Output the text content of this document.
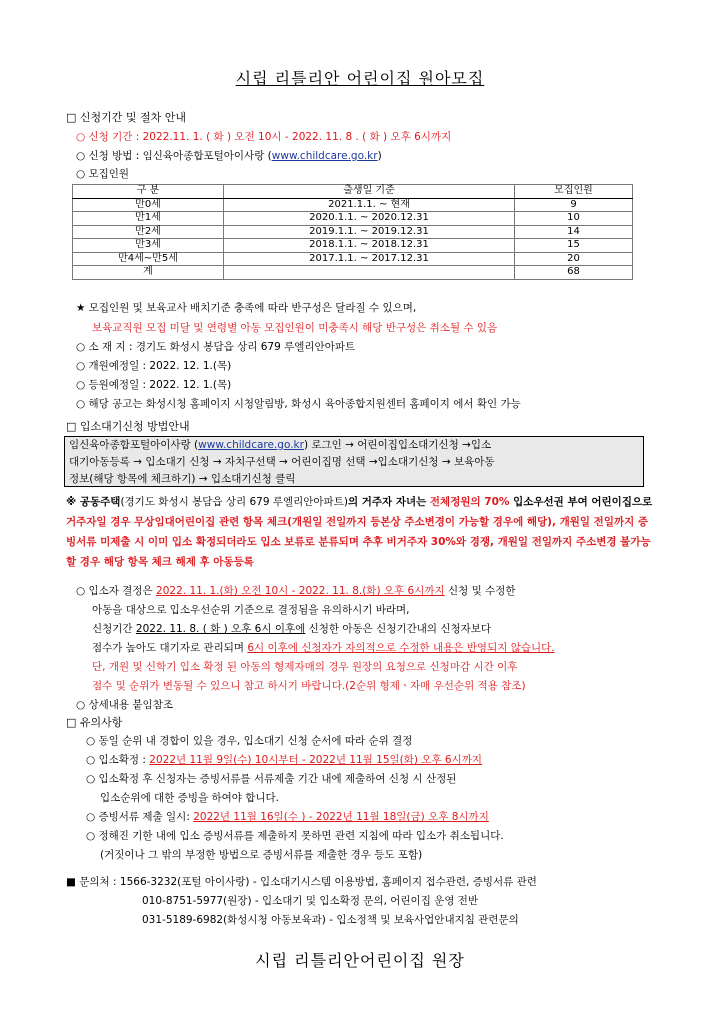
시립 리틀리안 어린이집 원아모집
□ 신청기간 및 절차 안내
○ 신청 기간 : 2022.11. 1. ( 화 ) 오전 10시 - 2022. 11. 8 . ( 화 ) 오후 6시까지
○ 신청 방법 : 임신육아종합포털아이사랑 (www.childcare.go.kr)
○ 모집인원
구 분	출생일 기준	모집인원
만0세	2021.1.1. ~ 현재	9
만1세	2020.1.1. ~ 2020.12.31	10
만2세	2019.1.1. ~ 2019.12.31	14
만3세	2018.1.1. ~ 2018.12.31	15
만4세~만5세	2017.1.1. ~ 2017.12.31	20
계		68
★ 모집인원 및 보육교사 배치기준 충족에 따라 반구성은 달라질 수 있으며,
보육교직원 모집 미달 및 연령별 아동 모집인원이 미충족시 해당 반구성은 취소될 수 있음
○ 소 재 지 : 경기도 화성시 봉담읍 상리 679 루엘리안아파트
○ 개원예정일 : 2022. 12. 1.(목)
○ 등원예정일 : 2022. 12. 1.(목)
○ 해당 공고는 화성시청 홈페이지 시청알림방, 화성시 육아종합지원센터 홈페이지 에서 확인 가능
□ 입소대기신청 방법안내
임신육아종합포털아이사랑 (www.childcare.go.kr) 로그인 → 어린이집입소대기신청 →입소
대기아동등록 → 입소대기 신청 → 자치구선택 → 어린이집명 선택 →입소대기신청 → 보육아동
정보(해당 항목에 체크하기) → 입소대기신청 클릭
※ 공동주택(경기도 화성시 봉담읍 상리 679 루엘리안아파트)의 거주자 자녀는 전체정원의 70% 입소우선권 부여 어린이집으로 거주자일 경우 무상임대어린이집 관련 항목 체크(개원일 전일까지 등본상 주소변경이 가능할 경우에 해당), 개원일 전일까지 증빙서류 미제출 시 이미 입소 확정되더라도 입소 보류로 분류되며 추후 비거주자 30%와 경쟁, 개원일 전일까지 주소변경 불가능할 경우 해당 항목 체크 해제 후 아동등록
○ 입소자 결정은 2022. 11. 1.(화) 오전 10시 - 2022. 11. 8.(화) 오후 6시까지 신청 및 수정한
아동을 대상으로 입소우선순위 기준으로 결정됨을 유의하시기 바라며,
신청기간 2022. 11. 8. ( 화 ) 오후 6시 이후에 신청한 아동은 신청기간내의 신청자보다
점수가 높아도 대기자로 관리되며 6시 이후에 신청자가 자의적으로 수정한 내용은 반영되지 않습니다.
단, 개원 및 신학기 입소 확정 된 아동의 형제자매의 경우 원장의 요청으로 신청마감 시간 이후
점수 및 순위가 변동될 수 있으니 참고 하시기 바랍니다.(2순위 형제ㆍ자매 우선순위 적용 참조)
○ 상세내용 붙임참조
□ 유의사항
○ 동일 순위 내 경합이 있을 경우, 입소대기 신청 순서에 따라 순위 결정
○ 입소확정 : 2022년 11월 9일(수) 10시부터 - 2022년 11월 15일(화) 오후 6시까지
○ 입소확정 후 신청자는 증빙서류를 서류제출 기간 내에 제출하여 신청 시 산정된
입소순위에 대한 증빙을 하여야 합니다.
○ 증빙서류 제출 일시: 2022년 11월 16일(수 ) - 2022년 11월 18일(금) 오후 8시까지
○ 정해진 기한 내에 입소 증빙서류를 제출하지 못하면 관련 지침에 따라 입소가 취소됩니다.
(거짓이나 그 밖의 부정한 방법으로 증빙서류를 제출한 경우 등도 포함)
■ 문의처 : 1566-3232(포털 아이사랑) - 입소대기시스템 이용방법, 홈페이지 접수관련, 증빙서류 관련
010-8751-5977(원장) - 입소대기 및 입소확정 문의, 어린이집 운영 전반
031-5189-6982(화성시청 아동보육과) - 입소정책 및 보육사업안내지침 관련문의
시립 리틀리안어린이집 원장
